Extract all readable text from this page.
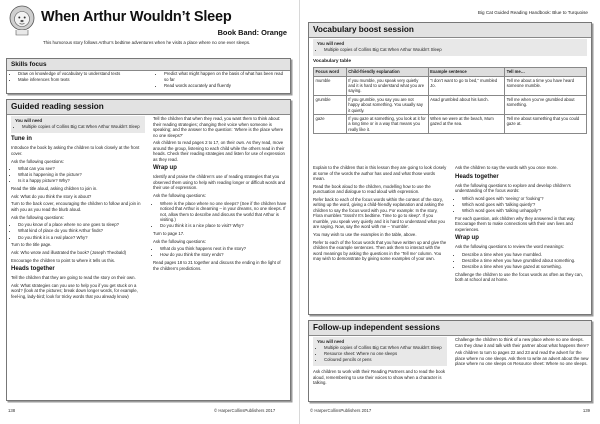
When Arthur Wouldn’t Sleep
Book Band: Orange
This humorous story follows Arthur’s bedtime adventures when he visits a place where no one ever sleeps.
Skills focus
• Draw on knowledge of vocabulary to understand texts
• Make inferences from texts
• Predict what might happen on the basis of what has been read so far
• Read words accurately and fluently
Guided reading session
You will need
• Multiple copies of Collins Big Cat When Arthur Wouldn’t Sleep
Tune in

Introduce the book by asking the children to look closely at the front cover.

Ask the following questions:

• What can you see?
• What is happening in the picture?
• Is it a happy picture? Why?

Read the title aloud, asking children to join in.

Ask: What do you think the story is about?

Turn to the back cover, encouraging the children to follow and join in with you as you read the blurb aloud.

Ask the following questions:

• Do you know of a place where no one goes to sleep?
• What kind of place do you think Arthur finds?
• Do you think it is a real place? Why?

Turn to the title page.

Ask: Who wrote and illustrated the book? (Joseph Theobald)

Encourage the children to point to where it tells us this.

Heads together

Tell the children that they are going to read the story on their own.

Ask: What strategies can you use to help you if you get stuck on a word? (look at the pictures; break down longer words, for example, feel-ing, lady-bird; look for tricky words that you already know)

Tell the children that when they read, you want them to think about: their reading strategies; changing their voice when someone is speaking; and the answer to the question: ‘Where is the place where no one sleeps?’

Ask children to read pages 2 to 17, on their own. As they read, move around the group, listening to each child while the others read in their heads. Check their reading strategies and listen for use of expression as they read.

Wrap up

Identify and praise the children’s use of reading strategies that you observed them using to help with reading longer or difficult words and their use of expression.

Ask the following questions:

• Where is the place where no one sleeps? (See if the children have noticed that Arthur is dreaming – in your dreams, no one sleeps. If not, allow them to describe and discuss the world that Arthur is visiting.)
• Do you think it is a nice place to visit? Why?

Turn to page 17.

Ask the following questions:

• What do you think happens next in the story?
• How do you think the story ends?

Read pages 18 to 21 together and discuss the ending in the light of the children’s predictions.

138	© HarperCollinsPublishers 2017
Big Cat Guided Reading Handbook: Blue to Turquoise
Vocabulary boost session
You will need
• Multiple copies of Collins Big Cat When Arthur Wouldn’t Sleep
Vocabulary table
Focus word	Child-friendly explanation	Example sentence	Tell me…
mumble	If you mumble, you speak very quietly and it is hard to understand what you are saying.	“I don’t want to go to bed,” mumbled Jo.	Tell me about a time you have heard someone mumble.
grumble	If you grumble, you say you are not happy about something. You usually say it quietly.	Asad grumbled about his lunch.	Tell me when you’ve grumbled about something.
gaze	If you gaze at something, you look at it for a long time or in a way that means you really like it.	When we were at the beach, Mum gazed at the sea.	Tell me about something that you could gaze at.

Explain to the children that in this lesson they are going to look closely at some of the words the author has used and what those words mean.

Read the book aloud to the children, modelling how to use the punctuation and dialogue to read aloud with expression.

Refer back to each of the focus words within the context of the story, writing up the word, giving a child-friendly explanation and asking the children to say the focus word with you. For example: In the story, Flora mumbles “Ssssh! It’s bedtime. Time to go to sleep”. If you mumble, you speak very quietly and it is hard to understand what you are saying. Now, say the word with me – ‘mumble’.

You may wish to use the examples in the table, above.

Refer to each of the focus words that you have written up and give the children the example sentences. Then ask them to interact with the word meanings by asking the questions in the ‘Tell me’ column. You may wish to demonstrate by giving some examples of your own.

Ask the children to say the words with you once more.

Heads together

Ask the following questions to explore and develop children’s understanding of the focus words:

• Which word goes with ‘seeing’ or ‘looking’?
• Which word goes with ‘talking quietly’?
• Which word goes with ‘talking unhappily’?

For each question, ask children why they answered in that way. Encourage them to make connections with their own lives and experiences.

Wrap up

Ask the following questions to review the word meanings:

• Describe a time when you have mumbled.
• Describe a time when you have grumbled about something.
• Describe a time when you have gazed at something.

Challenge the children to use the focus words as often as they can, both at school and at home.

Follow-up independent sessions
You will need
• Multiple copies of Collins Big Cat When Arthur Wouldn’t Sleep
• Resource sheet: Where no one sleeps
• Coloured pencils or pens

Ask children to work with their Reading Partners and to read the book aloud, remembering to use their voices to show when a character is talking.

Challenge the children to think of a new place where no one sleeps. Can they draw it and talk with their partner about what happens there?

Ask children to turn to pages 22 and 23 and read the advert for the place where no one sleeps. Ask them to write an advert about the new place where no one sleeps on Resource sheet: Where no one sleeps.

© HarperCollinsPublishers 2017	139
